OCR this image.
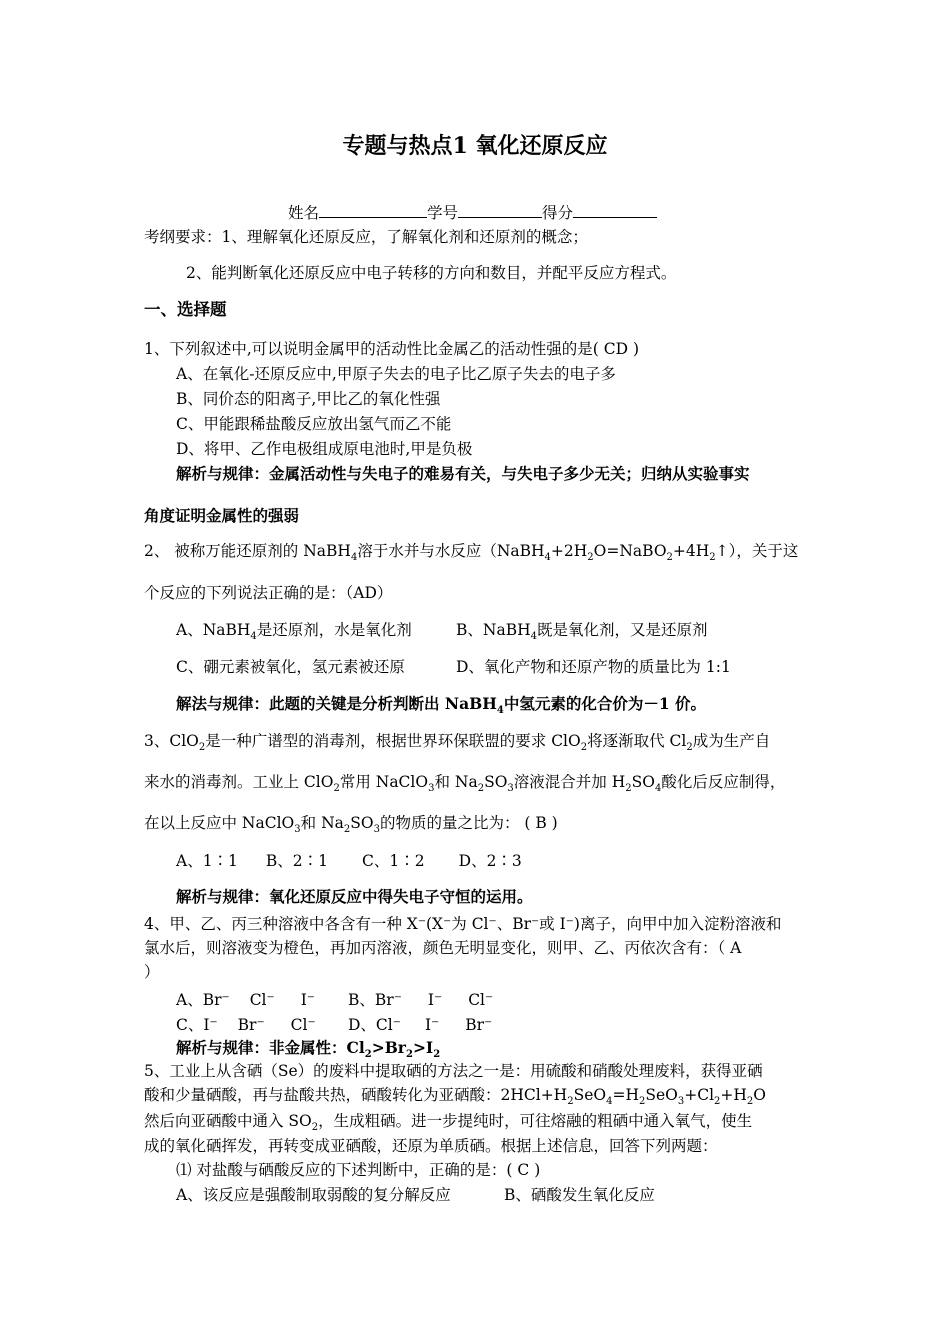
专题与热点1 氧化还原反应
姓名	学号	得分
考纲要求：1、理解氧化还原反应，了解氧化剂和还原剂的概念；
2、能判断氧化还原反应中电子转移的方向和数目，并配平反应方程式。
一、选择题
1、下列叙述中,可以说明金属甲的活动性比金属乙的活动性强的是( CD )
A、在氧化-还原反应中,甲原子失去的电子比乙原子失去的电子多
B、同价态的阳离子,甲比乙的氧化性强
C、甲能跟稀盐酸反应放出氢气而乙不能
D、将甲、乙作电极组成原电池时,甲是负极
解析与规律：金属活动性与失电子的难易有关，与失电子多少无关；归纳从实验事实
角度证明金属性的强弱
2、 被称万能还原剂的 NaBH$_4$溶于水并与水反应$(NaBH_4+2H_2O=NaBO_2+4H_2↑)$，关于这
个反应的下列说法正确的是：（AD）
A、NaBH$_4$是还原剂，水是氧化剂	B、NaBH$_4$既是氧化剂，又是还原剂
C、硼元素被氧化，氢元素被还原	D、氧化产物和还原产物的质量比为 1:1
解法与规律：此题的关键是分析判断出 NaBH$_4$中氢元素的化合价为－1 价。
3、ClO$_2$是一种广谱型的消毒剂，根据世界环保联盟的要求 ClO$_2$将逐渐取代 $Cl_2$成为生产自
来水的消毒剂。工业上 ClO$_2$常用 NaClO$_3$和 $Na_2SO_3$溶液混合并加 $H_2SO_4$酸化后反应制得，
在以上反应中 NaClO$_3$和 $Na_2SO_3$的物质的量之比为： ( B )
A、1∶1 B、2∶1 C、1∶2 D、2∶3
解析与规律：氧化还原反应中得失电子守恒的运用。
4、甲、乙、丙三种溶液中各含有一种 X⁻(X⁻为 Cl⁻、Br⁻或 I⁻)离子，向甲中加入淀粉溶液和
氯水后，则溶液变为橙色，再加丙溶液，颜色无明显变化，则甲、乙、丙依次含有：（ A
）
A、Br⁻ Cl⁻ I⁻ B、Br⁻ I⁻ Cl⁻
C、I⁻ Br⁻ Cl⁻ D、Cl⁻ I⁻ Br⁻
解析与规律：非金属性：$Cl_2>Br_2>I_2$
5、工业上从含硒（Se）的废料中提取硒的方法之一是：用硫酸和硝酸处理废料，获得亚硒
酸和少量硒酸，再与盐酸共热，硒酸转化为亚硒酸：$2HCl+H_2SeO_4=H_2SeO_3+Cl_2+H_2O$
然后向亚硒酸中通入 $SO_2$，生成粗硒。进一步提纯时，可往熔融的粗硒中通入氧气，使生
成的氧化硒挥发，再转变成亚硒酸，还原为单质硒。根据上述信息，回答下列两题：
⑴ 对盐酸与硒酸反应的下述判断中，正确的是：( C )
A、该反应是强酸制取弱酸的复分解反应	B、硒酸发生氧化反应
